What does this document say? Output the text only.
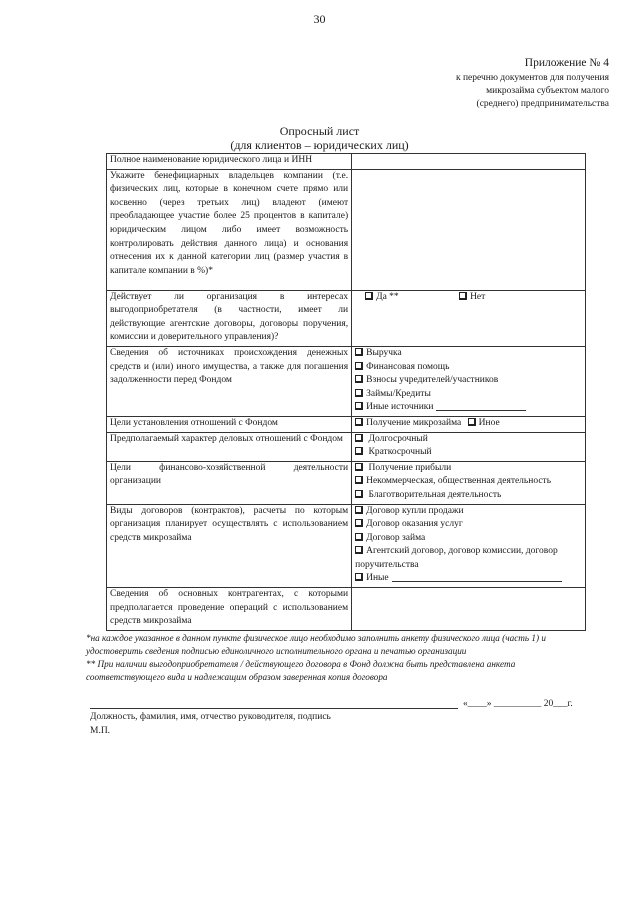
30
Приложение № 4
к перечню документов для получения
микрозайма субъектом малого
(среднего) предпринимательства
Опросный лист
(для клиентов – юридических лиц)
Полное наименование юридического лица и ИНН	
Укажите бенефициарных владельцев компании (т.е. физических лиц, которые в конечном счете прямо или косвенно (через третьих лиц) владеют (имеют преобладающее участие более 25 процентов в капитале) юридическим лицом либо имеет возможность контролировать действия данного лица) и основания отнесения их к данной категории лиц (размер участия в капитале компании в %)*	
Действует ли организация в интересах выгодоприобретателя (в частности, имеет ли действующие агентские договоры, договоры поручения, комиссии и доверительного управления)?	Да ** Нет
Сведения об источниках происхождения денежных средств и (или) иного имущества, а также для погашения задолженности перед Фондом	Выручка
Финансовая помощь
Взносы учредителей/участников
Займы/Кредиты
Иные источники

Цели установления отношений с Фондом	Получение микрозайма Иное
Предполагаемый характер деловых отношений с Фондом	Долгосрочный
Краткосрочный

Цели финансово-хозяйственной деятельности организации	Получение прибыли
Некоммерческая, общественная деятельность
Благотворительная деятельность

Виды договоров (контрактов), расчеты по которым организация планирует осуществлять с использованием средств микрозайма	Договор купли продажи
Договор оказания услуг
Договор займа
Агентский договор, договор комиссии, договор поручительства
Иные

Сведения об основных контрагентах, с которыми предполагается проведение операций с использованием средств микрозайма	
*на каждое указанное в данном пункте физическое лицо необходимо заполнить анкету физического лица (часть 1) и удостоверить сведения подписью единоличного исполнительного органа и печатью организации
** При наличии выгодоприобретателя / действующего договора в Фонд должна быть представлена анкета соответствующего вида и надлежащим образом заверенная копия договора
«____» __________ 20___г.
Должность, фамилия, имя, отчество руководителя, подпись
М.П.
